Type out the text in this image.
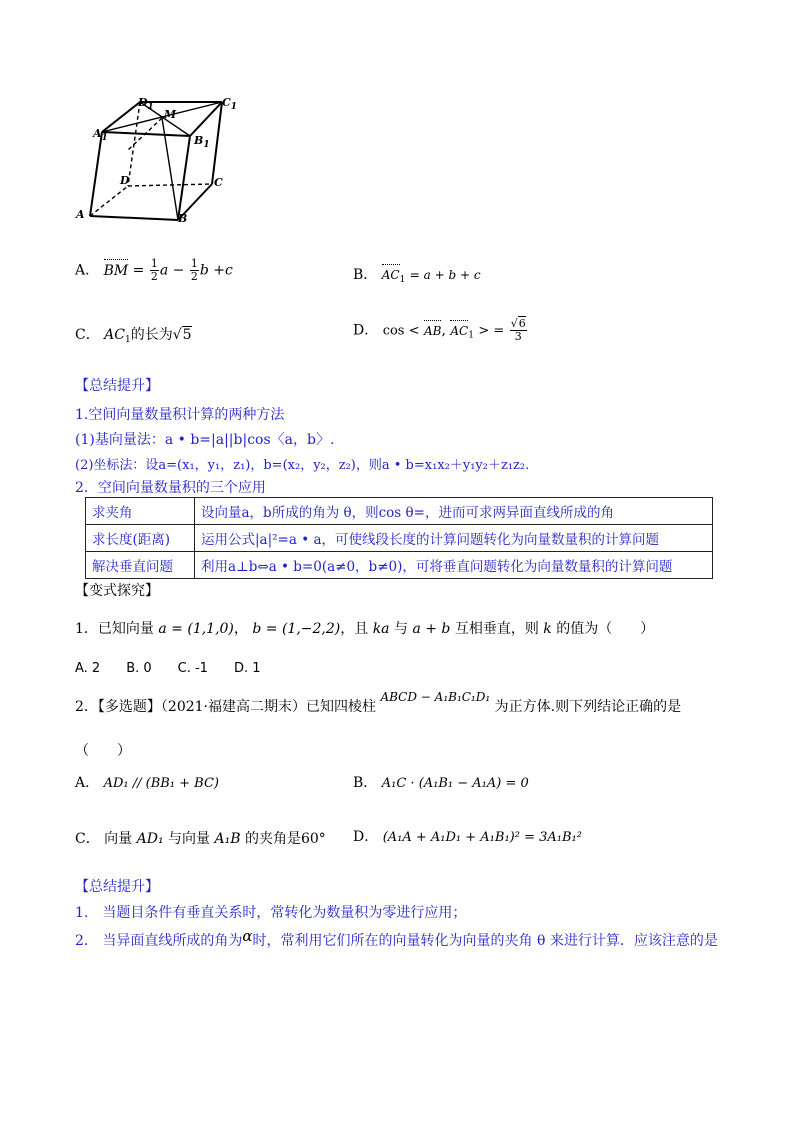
$D_1$	$C_1$
$A_1$
M
$B_1$
D	C
A	B
A． BM = $\frac{1}{2}$ $a - \frac{1}{2}$ b +c	B． $AC_1 = a + b + c$
C． $AC_1$的长为√5	D． cos < AB, $AC_1$ > = $\frac{√6}{3}$
【总结提升】
1.空间向量数量积计算的两种方法
(1)基向量法：a • b=|a||b|cos〈a，b〉.
(2)坐标法：设a=(x₁，y₁，z₁)，b=(x₂，y₂，z₂)，则a • b=x₁x₂＋y₁y₂＋z₁z₂.
2．空间向量数量积的三个应用
求夹角	设向量a，b所成的角为 θ，则cos θ=，进而可求两异面直线所成的角
求长度(距离)	运用公式|a|²=a • a，可使线段长度的计算问题转化为向量数量积的计算问题
解决垂直问题	利用a⊥b⇔a • b=0(a≠0，b≠0)，可将垂直问题转化为向量数量积的计算问题
【变式探究】
1．已知向量 a = (1,1,0)， b = (1,−2,2)，且 ka 与 a + b 互相垂直，则 k 的值为（　　）
A. 2　　B. 0　　C. -1　　D. 1
2．【多选题】（2021·福建高二期末）已知四棱柱 ABCD − A₁B₁C₁D₁ 为正方体.则下列结论正确的是
（　　）
A． AD₁ // (BB₁ + BC)	B． A₁C · (A₁B₁ − A₁A) = 0
C． 向量 AD₁ 与向量 A₁B 的夹角是60° D． (A₁A + A₁D₁ + A₁B₁)² = 3A₁B₁²
【总结提升】
1.　当题目条件有垂直关系时，常转化为数量积为零进行应用；
2.　当异面直线所成的角为α时，常利用它们所在的向量转化为向量的夹角 θ 来进行计算．应该注意的是
